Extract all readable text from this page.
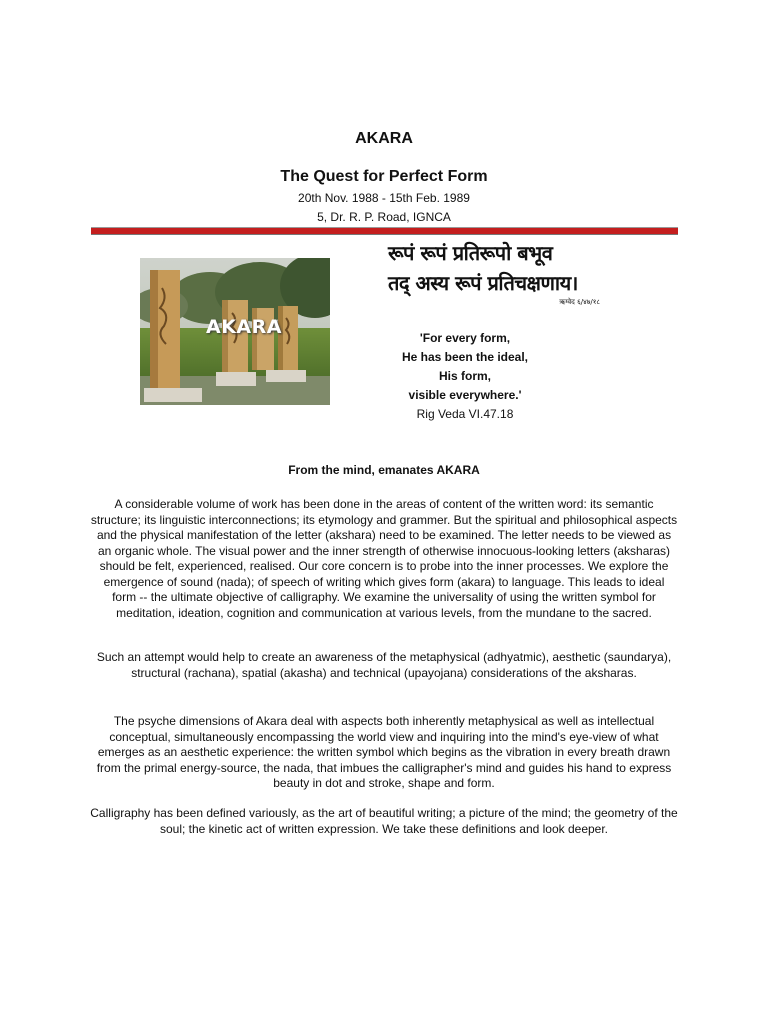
AKARA
The Quest for Perfect Form
20th Nov. 1988 - 15th Feb. 1989
5, Dr. R. P. Road, IGNCA
AKARA
रूपं रूपं प्रतिरूपो बभूव
तद् अस्य रूपं प्रतिचक्षणाय।
ऋग्वेद ६/४७/१८
'For every form,
He has been the ideal,
His form,
visible everywhere.'
Rig Veda VI.47.18
From the mind, emanates AKARA
A considerable volume of work has been done in the areas of content of the written word: its semantic structure; its linguistic interconnections; its etymology and grammer. But the spiritual and philosophical aspects and the physical manifestation of the letter (akshara) need to be examined. The letter needs to be viewed as an organic whole. The visual power and the inner strength of otherwise innocuous-looking letters (aksharas) should be felt, experienced, realised. Our core concern is to probe into the inner processes. We explore the emergence of sound (nada); of speech of writing which gives form (akara) to language. This leads to ideal form -- the ultimate objective of calligraphy. We examine the universality of using the written symbol for meditation, ideation, cognition and communication at various levels, from the mundane to the sacred.
Such an attempt would help to create an awareness of the metaphysical (adhyatmic), aesthetic (saundarya), structural (rachana), spatial (akasha) and technical (upayojana) considerations of the aksharas.
The psyche dimensions of Akara deal with aspects both inherently metaphysical as well as intellectual conceptual, simultaneously encompassing the world view and inquiring into the mind's eye-view of what emerges as an aesthetic experience: the written symbol which begins as the vibration in every breath drawn from the primal energy-source, the nada, that imbues the calligrapher's mind and guides his hand to express beauty in dot and stroke, shape and form.
Calligraphy has been defined variously, as the art of beautiful writing; a picture of the mind; the geometry of the soul; the kinetic act of written expression. We take these definitions and look deeper.
